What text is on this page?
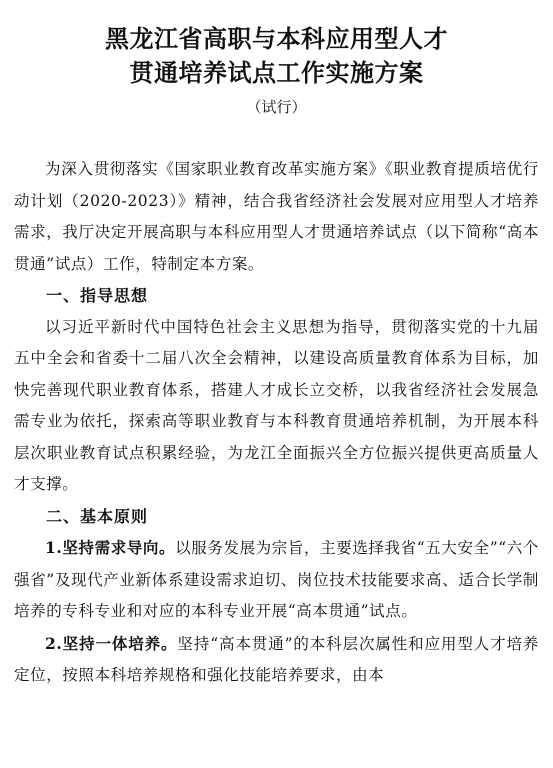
黑龙江省高职与本科应用型人才
贯通培养试点工作实施方案
（试行）

为深入贯彻落实《国家职业教育改革实施方案》《职业教育提质培优行动计划（2020-2023）》精神，结合我省经济社会发展对应用型人才培养需求，我厅决定开展高职与本科应用型人才贯通培养试点（以下简称“高本贯通”试点）工作，特制定本方案。

一、指导思想

以习近平新时代中国特色社会主义思想为指导，贯彻落实党的十九届五中全会和省委十二届八次全会精神，以建设高质量教育体系为目标，加快完善现代职业教育体系，搭建人才成长立交桥，以我省经济社会发展急需专业为依托，探索高等职业教育与本科教育贯通培养机制，为开展本科层次职业教育试点积累经验，为龙江全面振兴全方位振兴提供更高质量人才支撑。

二、基本原则

1.坚持需求导向。以服务发展为宗旨，主要选择我省“五大安全”“六个强省”及现代产业新体系建设需求迫切、岗位技术技能要求高、适合长学制培养的专科专业和对应的本科专业开展“高本贯通”试点。

2.坚持一体培养。坚持“高本贯通”的本科层次属性和应用型人才培养定位，按照本科培养规格和强化技能培养要求，由本
